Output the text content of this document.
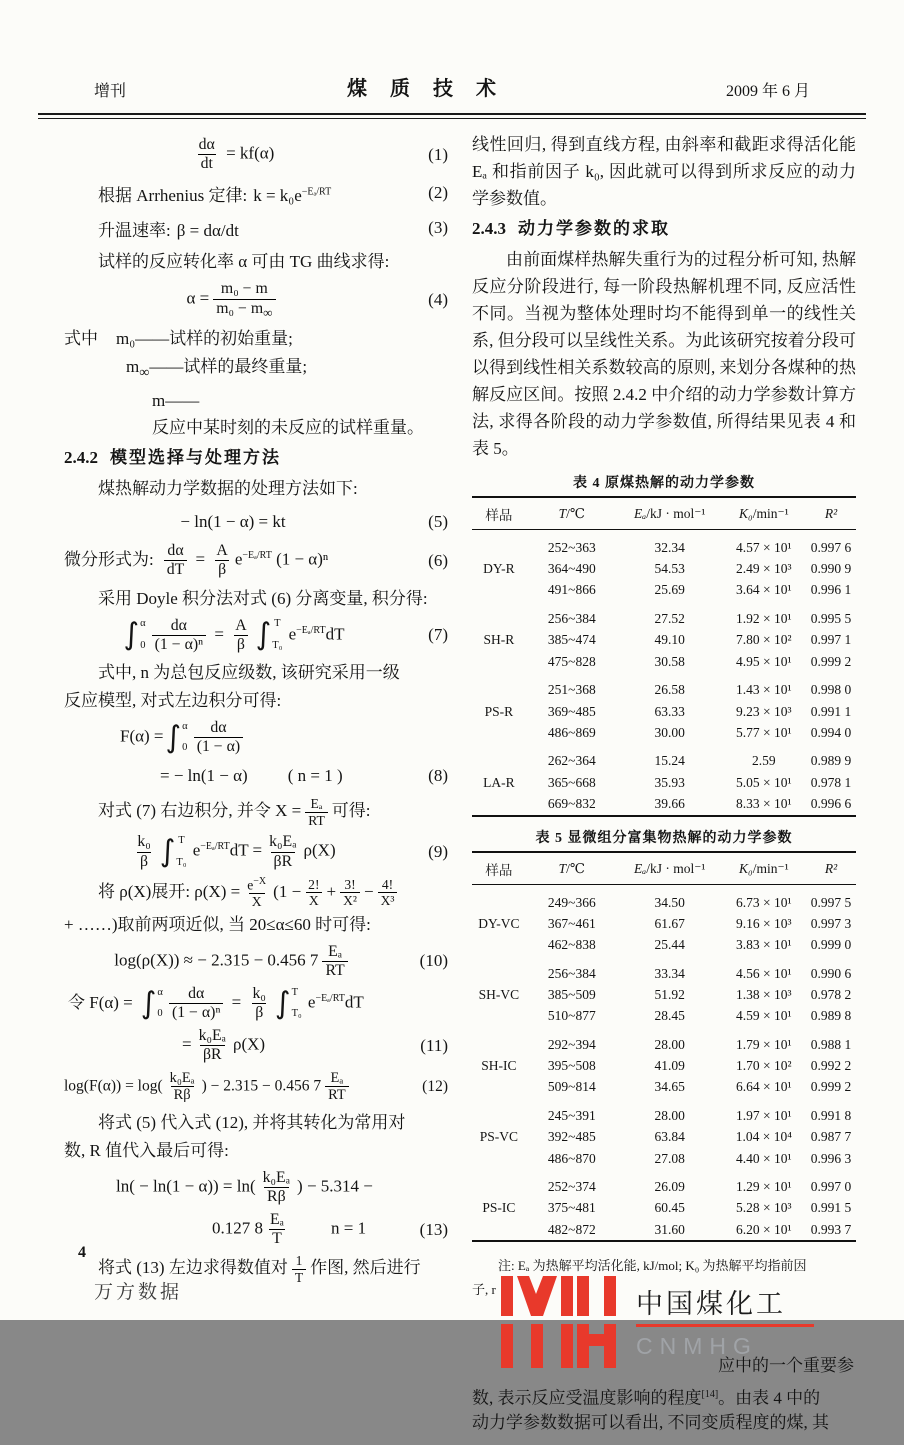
增刊	煤 质 技 术	2009 年 6 月
$\frac{d\alpha}{dt} = kf(\alpha)$	(1)
根据 Arrhenius 定律: $k = k_0e^{-E_a/RT}$	(2)
升温速率: β = dα/dt	(3)
试样的反应转化率 α 可由 TG 曲线求得:
$\alpha = \frac{\text{m₀ − m}}{m_0 - m_\infty}$	(4)
式中 m₀——试样的初始重量;
$m_\infty——$试样的最终重量;
m——反应中某时刻的未反应的试样重量。
2.4.2 模型选择与处理方法
煤热解动力学数据的处理方法如下:
− ln(1 − α) = kt	(5)
微分形式为: $\frac{d\alpha}{dT} = \frac{A}{\beta} e^{-E_a/RT}$ (1 − α)ⁿ	(6)
采用 Doyle 积分法对式 (6) 分离变量, 积分得:
∫ α
$0 \frac{d\alpha}{\text{(1 − α)ⁿ}} = \frac{A}{\beta}$ ∫ T
T₀
$e^{-E_a/RT}dT$	(7)
式中, n 为总包反应级数, 该研究采用一级
反应模型, 对式左边积分可得:
F(α) = ∫ α
$0 \frac{d\alpha}{(1 - \alpha)}$
= − ln(1 − α) ( n = 1 )	(8)
对式 (7) 右边积分, 并令 $X = \frac{\text{Eₐ}}{RT}$ 可得:
$\frac{\text{k₀}}{\beta}$ ∫ T
T₀
$e^{-E_a/RT}dT = \frac{\text{k₀Eₐ}}{\beta R} \rho(X)$	(9)
将 ρ(X)展开: $\rho(X) = \frac{e^{-X}}{X} (1 - \frac{2!}{X} + \frac{3!}{\text{X²}} - \frac{4!}{\text{X³}}$
+ ……)取前两项近似, 当 20≤α≤60 时可得:
log(ρ(X)) ≈ − 2.315 − 0.456 $7 \frac{\text{Eₐ}}{RT}$	(10)
令 F(α) = ∫ α
$0 \frac{d\alpha}{\text{(1 − α)ⁿ}} = \frac{\text{k₀}}{\beta}$ ∫ T
T₀
$e^{-E_a/RT}dT$
= $\frac{\text{k₀Eₐ}}{\beta R} \rho(X)$	(11)
$\log(F(\alpha)) = \log( \frac{\text{k₀Eₐ}}{R\beta}$ ) − 2.315 − 0.456 $7 \frac{\text{Eₐ}}{RT}$	(12)
将式 (5) 代入式 (12), 并将其转化为常用对
数, R 值代入最后可得:
$\ln( - \ln(1 - \alpha)) = \ln( \frac{\text{k₀Eₐ}}{R\beta}$ ) − 5.314 −
0.127 $8 \frac{\text{Eₐ}}{T}$	n = 1	(13)
将式 (13) 左边求得数值对 $\frac{1}{T}$ 作图, 然后进行

线性回归, 得到直线方程, 由斜率和截距求得活化能 Eₐ 和指前因子 k₀, 因此就可以得到所求反应的动力学参数值。

2.4.3 动力学参数的求取

由前面煤样热解失重行为的过程分析可知, 热解反应分阶段进行, 每一阶段热解机理不同, 反应活性不同。当视为整体处理时均不能得到单一的线性关系, 但分段可以呈线性关系。为此该研究按着分段可以得到线性相关系数较高的原则, 来划分各煤种的热解反应区间。按照 2.4.2 中介绍的动力学参数计算方法, 求得各阶段的动力学参数值, 所得结果见表 4 和表 5。

表 4 原煤热解的动力学参数
样品	T/℃	Eₐ/kJ · mol⁻¹	K₀/min⁻¹	R²
DY-R	252~363	32.34	4.57 × 10¹	0.997 6
	364~490	54.53	2.49 × 10³	0.990 9
	491~866	25.69	3.64 × 10¹	0.996 1
SH-R	256~384	27.52	1.92 × 10¹	0.995 5
	385~474	49.10	7.80 × 10²	0.997 1
	475~828	30.58	4.95 × 10¹	0.999 2
PS-R	251~368	26.58	1.43 × 10¹	0.998 0
	369~485	63.33	9.23 × 10³	0.991 1
	486~869	30.00	5.77 × 10¹	0.994 0
LA-R	262~364	15.24	2.59	0.989 9
	365~668	35.93	5.05 × 10¹	0.978 1
	669~832	39.66	8.33 × 10¹	0.996 6
表 5 显微组分富集物热解的动力学参数
样品	T/℃	Eₐ/kJ · mol⁻¹	K₀/min⁻¹	R²
DY-VC	249~366	34.50	6.73 × 10¹	0.997 5
	367~461	61.67	9.16 × 10³	0.997 3
	462~838	25.44	3.83 × 10¹	0.999 0
SH-VC	256~384	33.34	4.56 × 10¹	0.990 6
	385~509	51.92	1.38 × 10³	0.978 2
	510~877	28.45	4.59 × 10¹	0.989 8
SH-IC	292~394	28.00	1.79 × 10¹	0.988 1
	395~508	41.09	1.70 × 10²	0.992 2
	509~814	34.65	6.64 × 10¹	0.999 2
PS-VC	245~391	28.00	1.97 × 10¹	0.991 8
	392~485	63.84	1.04 × 10⁴	0.987 7
	486~870	27.08	4.40 × 10¹	0.996 3
PS-IC	252~374	26.09	1.29 × 10¹	0.997 0
	375~481	60.45	5.28 × 10³	0.991 5
	482~872	31.60	6.20 × 10¹	0.993 7
注: Eₐ 为热解平均活化能, kJ/mol; K₀ 为热解平均指前因
子, r	中国煤化工
CNMHG
应中的一个重要参
数, 表示反应受温度影响的程度[14]。由表 4 中的
动力学参数数据可以看出, 不同变质程度的煤, 其
4
万方数据
